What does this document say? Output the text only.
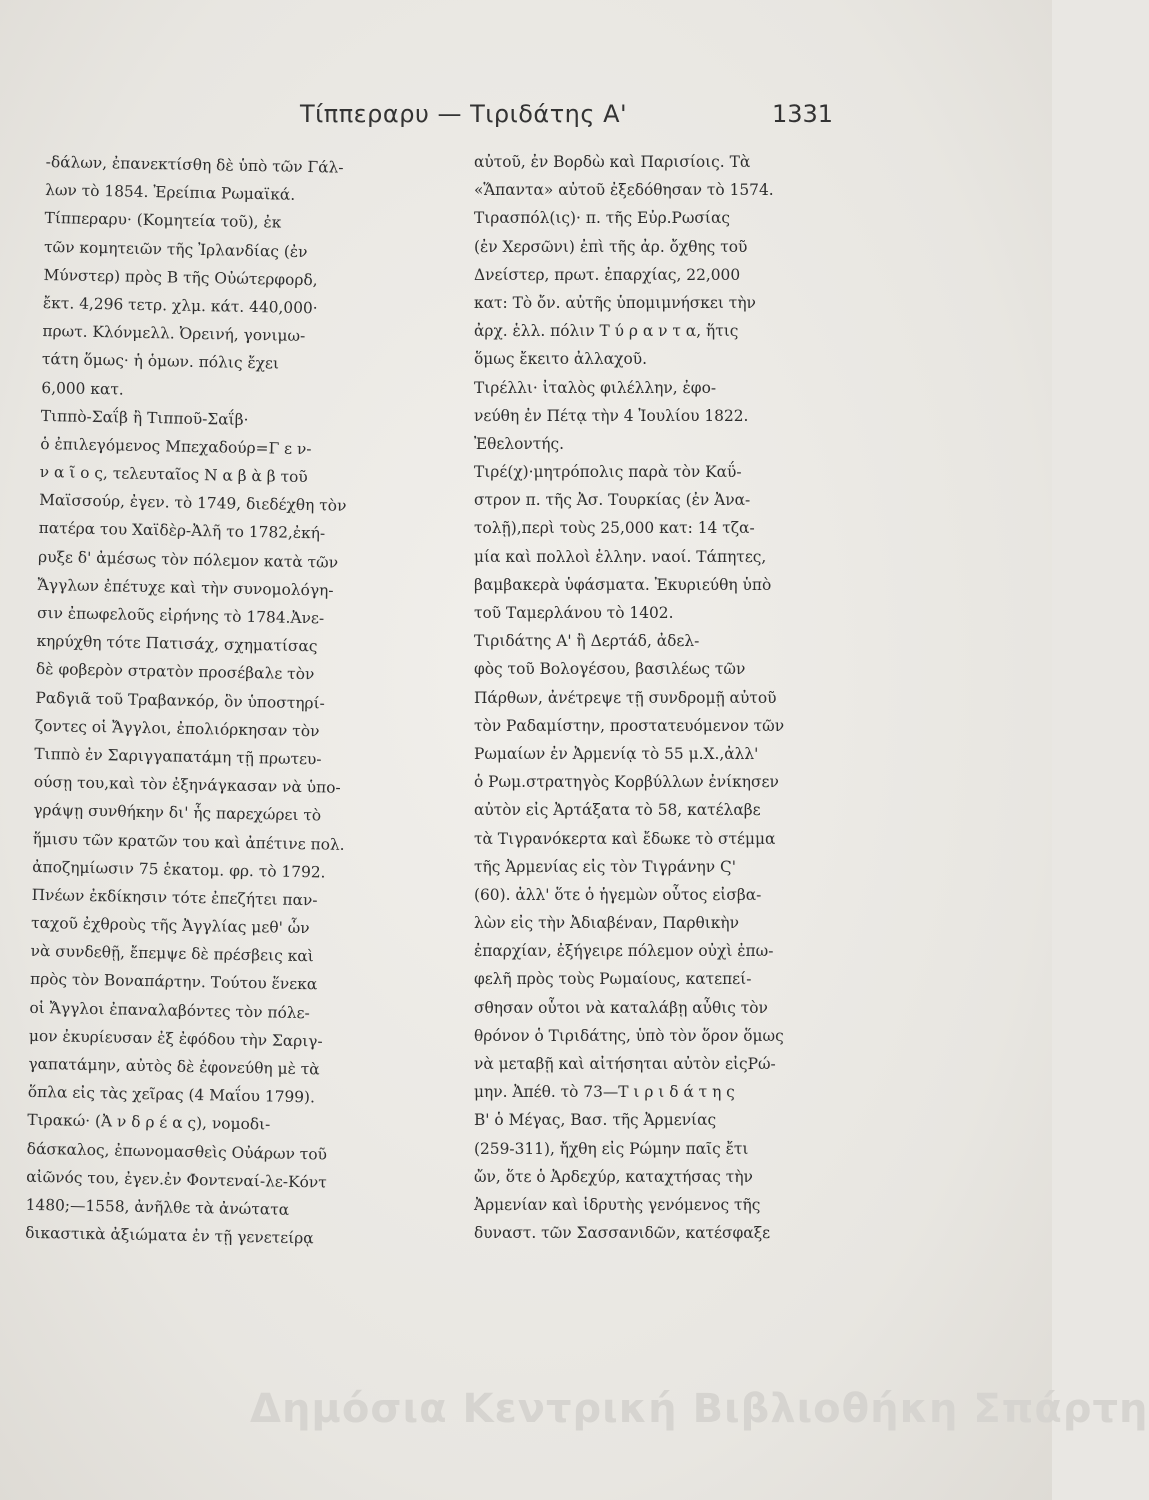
Τίππεραρυ — Τιριδάτης Α'	1331
-δάλων, ἐπανεκτίσθη δὲ ὑπὸ τῶν Γάλ-
λων τὸ 1854. Ἐρείπια Ρωμαϊκά.
Τίππεραρυ· (Κομητεία τοῦ), ἐκ
τῶν κομητειῶν τῆς Ἰρλανδίας (ἐν
Μύνστερ) πρὸς Β τῆς Οὐώτερφορδ,
ἔκτ. 4,296 τετρ. χλμ. κάτ. 440,000·
πρωτ. Κλόνμελλ. Ὀρεινή, γονιμω-
τάτη ὅμως· ἡ ὁμων. πόλις ἔχει
6,000 κατ.
Τιππὸ-Σαΐβ ἢ Τιπποῦ-Σαΐβ·
ὁ ἐπιλεγόμενος Μπεχαδούρ=Γ ε ν-
ν α ῖ ο ς, τελευταῖος Ν α β ὰ β τοῦ
Μαϊσσούρ, ἐγεν. τὸ 1749, διεδέχθη τὸν
πατέρα του Χαϊδὲρ-Ἀλῆ το 1782,ἐκή-
ρυξε δ' ἀμέσως τὸν πόλεμον κατὰ τῶν
Ἄγγλων ἐπέτυχε καὶ τὴν συνομολόγη-
σιν ἐπωφελοῦς εἰρήνης τὸ 1784.Ἀνε-
κηρύχθη τότε Πατισάχ, σχηματίσας
δὲ φοβερὸν στρατὸν προσέβαλε τὸν
Ραδγιᾶ τοῦ Τραβανκόρ, ὃν ὑποστηρί-
ζοντες οἱ Ἄγγλοι, ἐπολιόρκησαν τὸν
Τιππὸ ἐν Σαριγγαπατάμη τῇ πρωτευ-
ούσῃ του,καὶ τὸν ἐξηνάγκασαν νὰ ὑπο-
γράψῃ συνθήκην δι' ἧς παρεχώρει τὸ
ἥμισυ τῶν κρατῶν του καὶ ἀπέτινε πολ.
ἀποζημίωσιν 75 ἑκατομ. φρ. τὸ 1792.
Πνέων ἐκδίκησιν τότε ἐπεζήτει παν-
ταχοῦ ἐχθροὺς τῆς Ἀγγλίας μεθ' ὧν
νὰ συνδεθῇ, ἔπεμψε δὲ πρέσβεις καὶ
πρὸς τὸν Βοναπάρτην. Τούτου ἕνεκα
οἱ Ἄγγλοι ἐπαναλαβόντες τὸν πόλε-
μον ἐκυρίευσαν ἐξ ἐφόδου τὴν Σαριγ-
γαπατάμην, αὐτὸς δὲ ἐφονεύθη μὲ τὰ
ὅπλα εἰς τὰς χεῖρας (4 Μαΐου 1799).
Τιρακώ· (Ἀ ν δ ρ έ α ς), νομοδι-
δάσκαλος, ἐπωνομασθεὶς Οὐάρων τοῦ
αἰῶνός του, ἐγεν.ἐν Φοντεναί-λε-Κόντ
1480;—1558, ἀνῆλθε τὰ ἀνώτατα
δικαστικὰ ἀξιώματα ἐν τῇ γενετείρᾳ
αὐτοῦ, ἐν Βορδὼ καὶ Παρισίοις. Τὰ
«Ἅπαντα» αὐτοῦ ἐξεδόθησαν τὸ 1574.
Τιρασπόλ(ις)· π. τῆς Εὐρ.Ρωσίας
(ἐν Χερσῶνι) ἐπὶ τῆς ἀρ. ὄχθης τοῦ
Δνείστερ, πρωτ. ἐπαρχίας, 22,000
κατ: Τὸ ὄν. αὐτῆς ὑπομιμνήσκει τὴν
ἀρχ. ἑλλ. πόλιν Τ ύ ρ α ν τ α, ἥτις
ὅμως ἔκειτο ἀλλαχοῦ.
Τιρέλλι· ἰταλὸς φιλέλλην, ἐφο-
νεύθη ἐν Πέτᾳ τὴν 4 Ἰουλίου 1822.
Ἐθελοντής.
Τιρέ(χ)·μητρόπολις παρὰ τὸν Καΰ-
στρον π. τῆς Ἀσ. Τουρκίας (ἐν Ἀνα-
τολῇ),περὶ τοὺς 25,000 κατ: 14 τζα-
μία καὶ πολλοὶ ἑλλην. ναοί. Τάπητες,
βαμβακερὰ ὑφάσματα. Ἐκυριεύθη ὑπὸ
τοῦ Ταμερλάνου τὸ 1402.
Τιριδάτης Α' ἢ Δερτάδ, ἀδελ-
φὸς τοῦ Βολογέσου, βασιλέως τῶν
Πάρθων, ἀνέτρεψε τῇ συνδρομῇ αὐτοῦ
τὸν Ραδαμίστην, προστατευόμενον τῶν
Ρωμαίων ἐν Ἀρμενίᾳ τὸ 55 μ.Χ.,ἀλλ'
ὁ Ρωμ.στρατηγὸς Κορβύλλων ἐνίκησεν
αὐτὸν εἰς Ἀρτάξατα τὸ 58, κατέλαβε
τὰ Τιγρανόκερτα καὶ ἔδωκε τὸ στέμμα
τῆς Ἀρμενίας εἰς τὸν Τιγράνην Ϛ'
(60). ἀλλ' ὅτε ὁ ἡγεμὼν οὗτος εἰσβα-
λὼν εἰς τὴν Ἀδιαβέναν, Παρθικὴν
ἐπαρχίαν, ἐξήγειρε πόλεμον οὐχὶ ἐπω-
φελῆ πρὸς τοὺς Ρωμαίους, κατεπεί-
σθησαν οὗτοι νὰ καταλάβῃ αὖθις τὸν
θρόνον ὁ Τιριδάτης, ὑπὸ τὸν ὅρον ὅμως
νὰ μεταβῇ καὶ αἰτήσηται αὐτὸν εἰςΡώ-
μην. Ἀπέθ. τὸ 73—Τ ι ρ ι δ ά τ η ς
Β' ὁ Μέγας, Βασ. τῆς Ἀρμενίας
(259-311), ἤχθη εἰς Ρώμην παῖς ἔτι
ὤν, ὅτε ὁ Ἀρδεχύρ, καταχτήσας τὴν
Ἀρμενίαν καὶ ἱδρυτὴς γενόμενος τῆς
δυναστ. τῶν Σασσανιδῶν, κατέσφαξε
Δημόσια Κεντρική Βιβλιοθήκη Σπάρτη
